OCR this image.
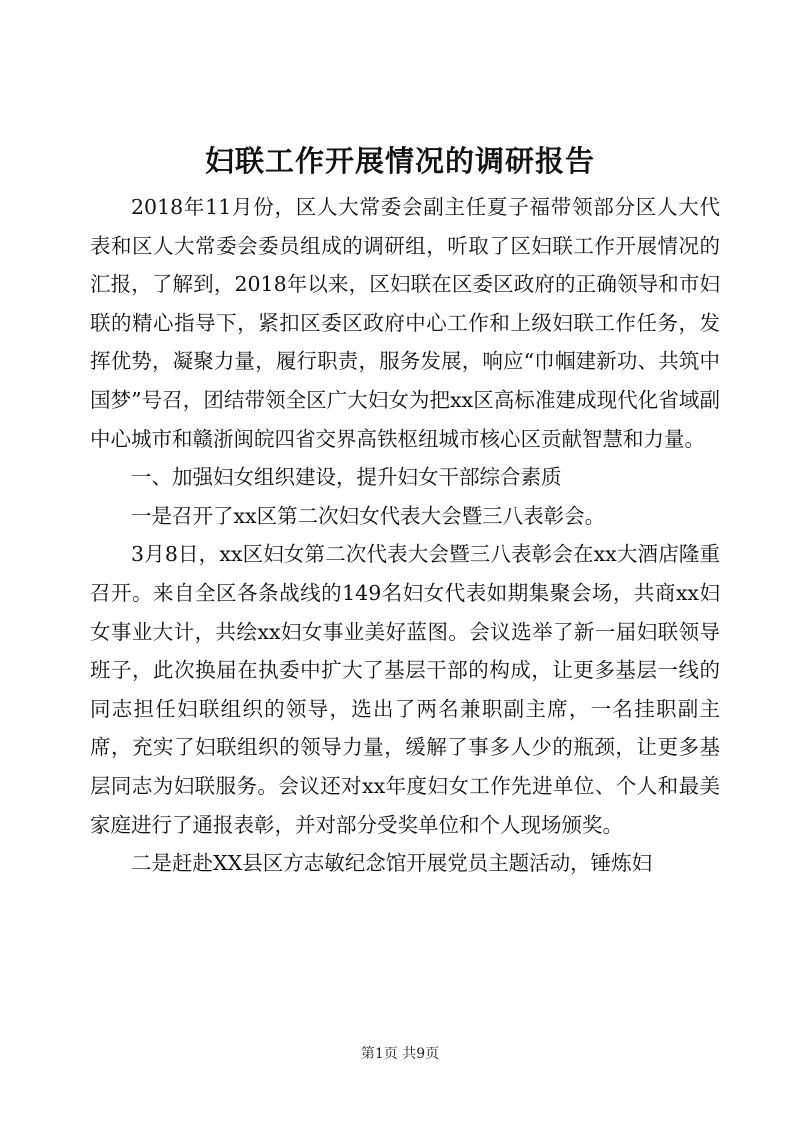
妇联工作开展情况的调研报告

2018年11月份，区人大常委会副主任夏子福带领部分区人大代表和区人大常委会委员组成的调研组，听取了区妇联工作开展情况的汇报，了解到，2018年以来，区妇联在区委区政府的正确领导和市妇联的精心指导下，紧扣区委区政府中心工作和上级妇联工作任务，发挥优势，凝聚力量，履行职责，服务发展，响应“巾帼建新功、共筑中国梦”号召，团结带领全区广大妇女为把xx区高标准建成现代化省域副中心城市和赣浙闽皖四省交界高铁枢纽城市核心区贡献智慧和力量。

一、加强妇女组织建设，提升妇女干部综合素质

一是召开了xx区第二次妇女代表大会暨三八表彰会。

3月8日，xx区妇女第二次代表大会暨三八表彰会在xx大酒店隆重召开。来自全区各条战线的149名妇女代表如期集聚会场，共商xx妇女事业大计，共绘xx妇女事业美好蓝图。会议选举了新一届妇联领导班子，此次换届在执委中扩大了基层干部的构成，让更多基层一线的同志担任妇联组织的领导，选出了两名兼职副主席，一名挂职副主席，充实了妇联组织的领导力量，缓解了事多人少的瓶颈，让更多基层同志为妇联服务。会议还对xx年度妇女工作先进单位、个人和最美家庭进行了通报表彰，并对部分受奖单位和个人现场颁奖。

二是赶赴XX县区方志敏纪念馆开展党员主题活动，锤炼妇

第1页 共9页
